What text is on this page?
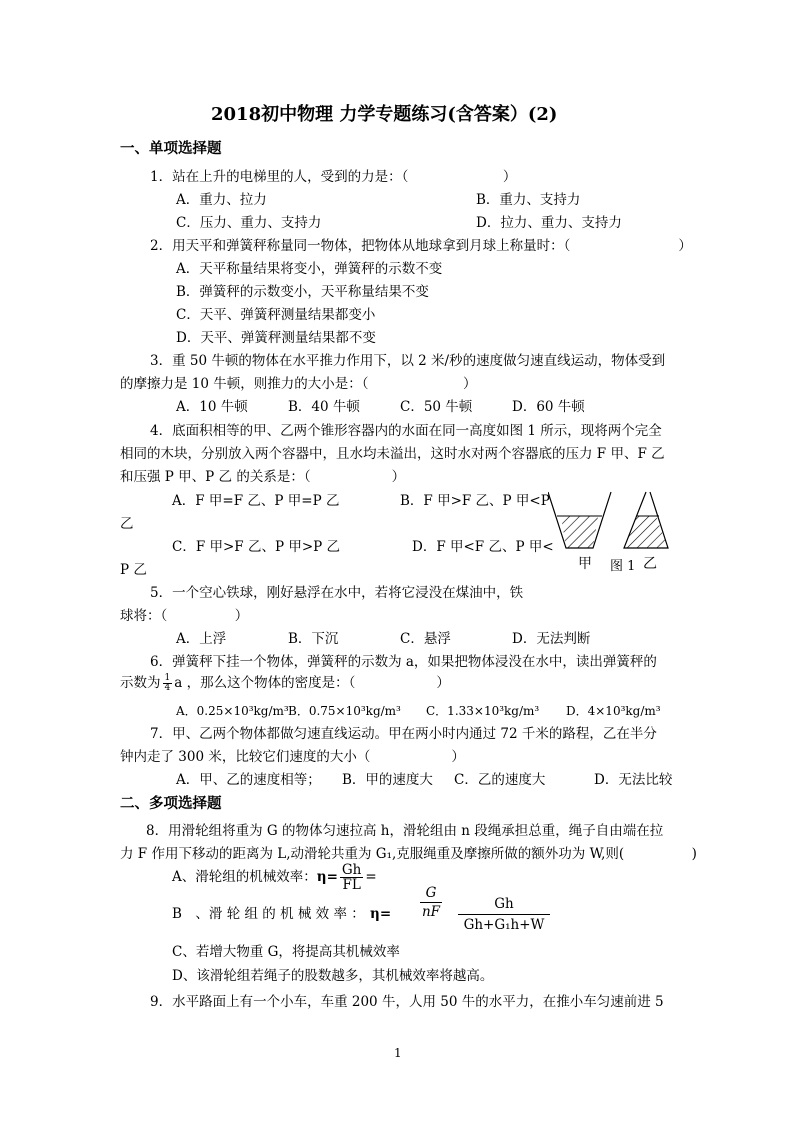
2018初中物理 力学专题练习(含答案）(2)
一、单项选择题
1．站在上升的电梯里的人，受到的力是：（　　　　　　　）
A．重力、拉力	B．重力、支持力
C．压力、重力、支持力	D．拉力、重力、支持力
2．用天平和弹簧秤称量同一物体，把物体从地球拿到月球上称量时：（　　　　　　　　）
A．天平称量结果将变小，弹簧秤的示数不变
B．弹簧秤的示数变小，天平称量结果不变
C．天平、弹簧秤测量结果都变小
D．天平、弹簧秤测量结果都不变
3．重 50 牛顿的物体在水平推力作用下，以 2 米/秒的速度做匀速直线运动，物体受到
的摩擦力是 10 牛顿，则推力的大小是：（　　　　　　　）
A．10 牛顿	B．40 牛顿	C．50 牛顿	D．60 牛顿
4．底面积相等的甲、乙两个锥形容器内的水面在同一高度如图 1 所示，现将两个完全
相同的木块，分别放入两个容器中，且水均未溢出，这时水对两个容器底的压力 F 甲、F 乙
和压强 P 甲、P 乙 的关系是：（　　　　　　）
A．F 甲=F 乙、P 甲=P 乙	B．F 甲>F 乙、P 甲<P
乙
C．F 甲>F 乙、P 甲>P 乙	D．F 甲<F 乙、P 甲<
P 乙	甲 图 1 乙
5．一个空心铁球，刚好悬浮在水中，若将它浸没在煤油中，铁
球将：（　　　　　）
A．上浮	B．下沉	C．悬浮	D．无法判断
6．弹簧秤下挂一个物体，弹簧秤的示数为 a，如果把物体浸没在水中，读出弹簧秤的
示数为 $\frac{1}{4}$ a ，那么这个物体的密度是：（　　　　　　）
A．0.25×10³kg/m³ B．0.75×10³kg/m³ C．1.33×10³kg/m³ D．4×10³kg/m³
7．甲、乙两个物体都做匀速直线运动。甲在两小时内通过 72 千米的路程，乙在半分
钟内走了 300 米，比较它们速度的大小（　　　　　　）
A．甲、乙的速度相等； B．甲的速度大 C．乙的速度大	D．无法比较
二、多项选择题
8．用滑轮组将重为 G 的物体匀速拉高 h，滑轮组由 n 段绳承担总重，绳子自由端在拉
力 F 作用下移动的距离为 L,动滑轮共重为 G₁,克服绳重及摩擦所做的额外功为 W,则(　　　　　)
A、滑轮组的机械效率：$\eta= \frac{Gh}{FL}$ =
B　、滑 轮 组 的 机 械 效 率 ： $\eta= \frac{G}{nF} \frac{Gh}{\text{Gh+G₁h+W}}$
C、若增大物重 G，将提高其机械效率
D、该滑轮组若绳子的股数越多，其机械效率将越高。
9．水平路面上有一个小车，车重 200 牛，人用 50 牛的水平力，在推小车匀速前进 5
1
